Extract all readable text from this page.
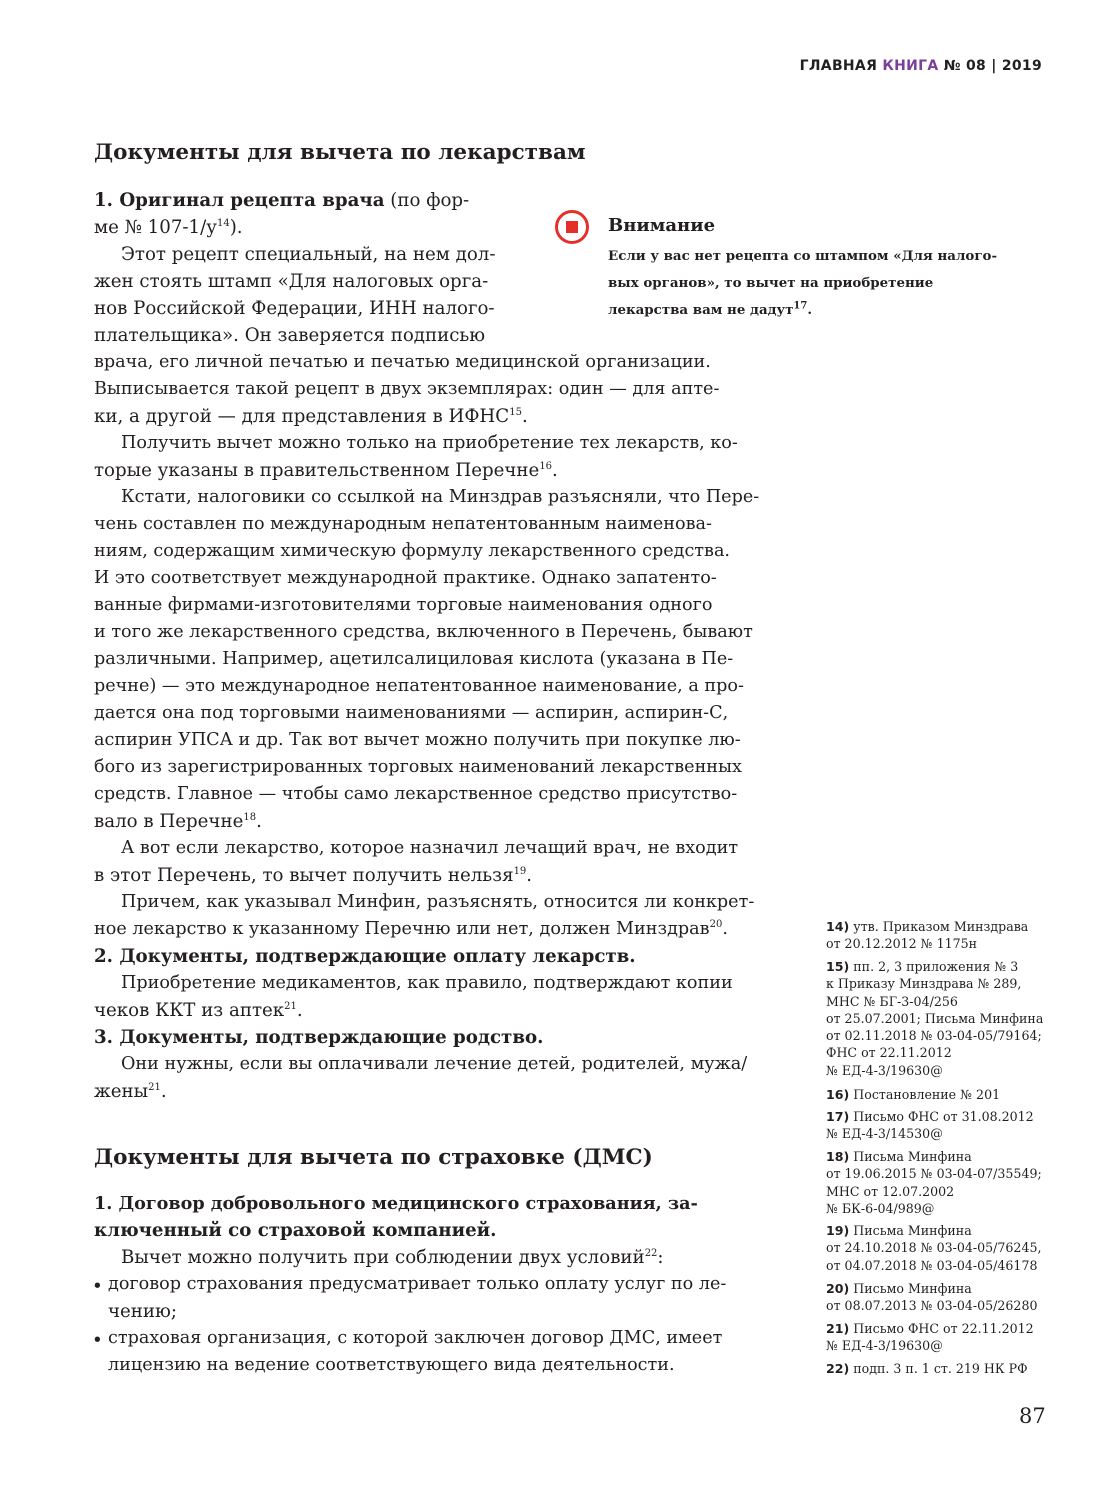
ГЛАВНАЯ КНИГА № 08 | 2019
Документы для вычета по лекарствам

1. Оригинал рецепта врача (по фор-

ме № $107-1/у^{14}$).

Этот рецепт специальный, на нем дол-

жен стоять штамп «Для налоговых орга-

нов Российской Федерации, ИНН налого-

плательщика». Он заверяется подписью

врача, его личной печатью и печатью медицинской организации.

Выписывается такой рецепт в двух экземплярах: один — для апте-

ки, а другой — для представления в ИФНС$^{15}$.

Получить вычет можно только на приобретение тех лекарств, ко-

торые указаны в правительственном Перечне$^{16}$.

Кстати, налоговики со ссылкой на Минздрав разъясняли, что Пере-

чень составлен по международным непатентованным наименова-

ниям, содержащим химическую формулу лекарственного средства.

И это соответствует международной практике. Однако запатенто-

ванные фирмами-изготовителями торговые наименования одного

и того же лекарственного средства, включенного в Перечень, бывают

различными. Например, ацетилсалициловая кислота (указана в Пе-

речне) — это международное непатентованное наименование, а про-

дается она под торговыми наименованиями — аспирин, аспирин-С,

аспирин УПСА и др. Так вот вычет можно получить при покупке лю-

бого из зарегистрированных торговых наименований лекарственных

средств. Главное — чтобы само лекарственное средство присутство-

вало в Перечне$^{18}$.

А вот если лекарство, которое назначил лечащий врач, не входит

в этот Перечень, то вычет получить нельзя$^{19}$.

Причем, как указывал Минфин, разъяснять, относится ли конкрет-

ное лекарство к указанному Перечню или нет, должен Минздрав$^{20}$.

2. Документы, подтверждающие оплату лекарств.

Приобретение медикаментов, как правило, подтверждают копии

чеков ККТ из аптек$^{21}$.

3. Документы, подтверждающие родство.

Они нужны, если вы оплачивали лечение детей, родителей, мужа/

жены$^{21}$.

Документы для вычета по страховке (ДМС)

1. Договор добровольного медицинского страхования, за-

ключенный со страховой компанией.

Вычет можно получить при соблюдении двух условий$^{22}$:

• договор страхования предусматривает только оплату услуг по ле-

чению;

• страховая организация, с которой заключен договор ДМС, имеет

лицензию на ведение соответствующего вида деятельности.

Внимание
Если у вас нет рецепта со штампом «Для налого-
вых органов», то вычет на приобретение
лекарства вам не дадут$^{17}$.
14) утв. Приказом Минздрава
от 20.12.2012 № 1175н
15) пп. 2, 3 приложения № 3
к Приказу Минздрава № 289,
МНС № БГ-3-04/256
от 25.07.2001; Письма Минфина
от 02.11.2018 № 03-04-05/79164;
ФНС от 22.11.2012
№ ЕД-4-3/19630@
16) Постановление № 201
17) Письмо ФНС от 31.08.2012
№ ЕД-4-3/14530@
18) Письма Минфина
от 19.06.2015 № 03-04-07/35549;
МНС от 12.07.2002
№ БК-6-04/989@
19) Письма Минфина
от 24.10.2018 № 03-04-05/76245,
от 04.07.2018 № 03-04-05/46178
20) Письмо Минфина
от 08.07.2013 № 03-04-05/26280
21) Письмо ФНС от 22.11.2012
№ ЕД-4-3/19630@
22) подп. 3 п. 1 ст. 219 НК РФ
87
